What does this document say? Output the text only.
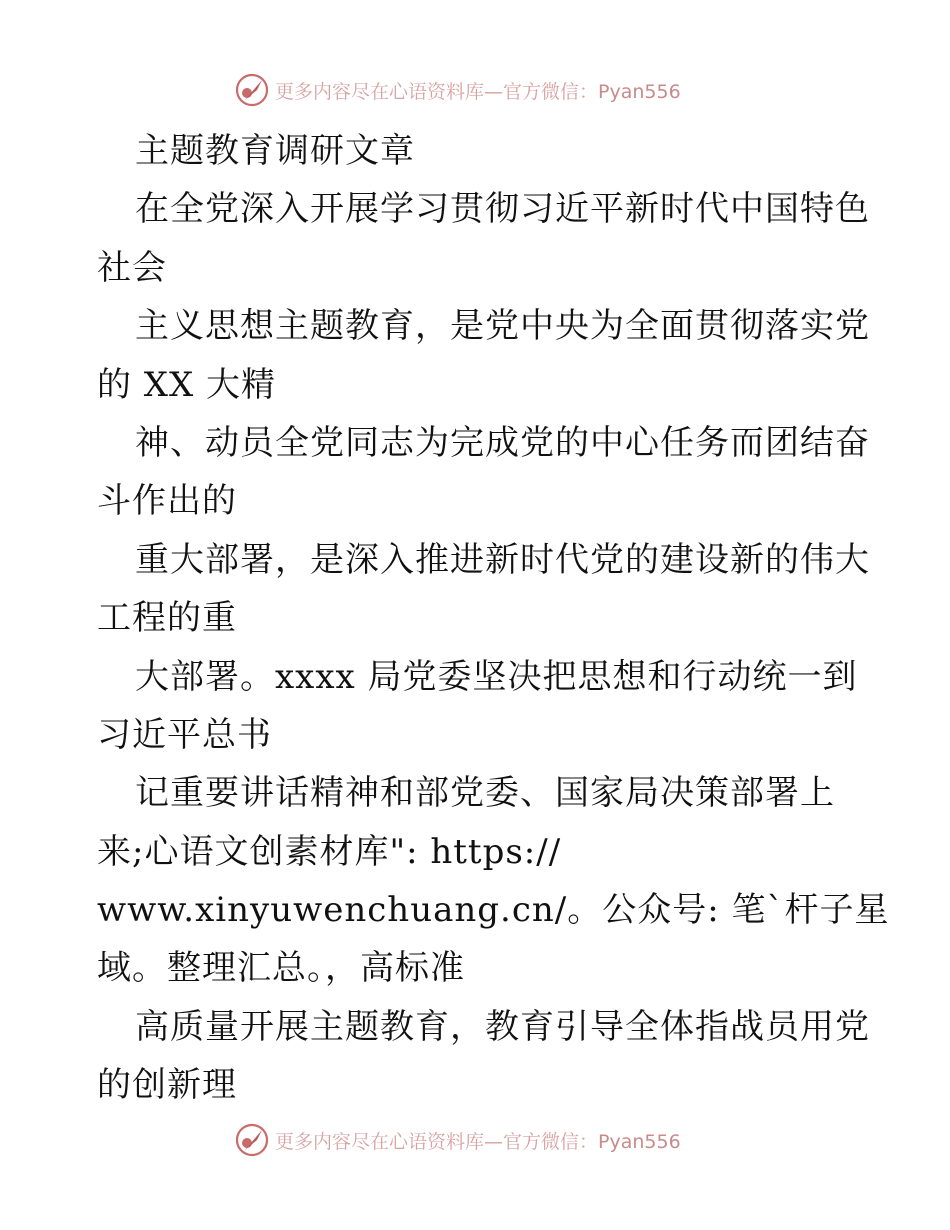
更多内容尽在心语资料库—官方微信：Pyan556
主题教育调研文章
在全党深入开展学习贯彻习近平新时代中国特色
社会
主义思想主题教育，是党中央为全面贯彻落实党
的 XX 大精
神、动员全党同志为完成党的中心任务而团结奋
斗作出的
重大部署，是深入推进新时代党的建设新的伟大
工程的重
大部署。xxxx 局党委坚决把思想和行动统一到
习近平总书
记重要讲话精神和部党委、国家局决策部署上
来;心语文创素材库": https://
www.xinyuwenchuang.cn/。公众号: 笔`杆子星
域。整理汇总。，高标准
高质量开展主题教育，教育引导全体指战员用党
的创新理
更多内容尽在心语资料库—官方微信：Pyan556
